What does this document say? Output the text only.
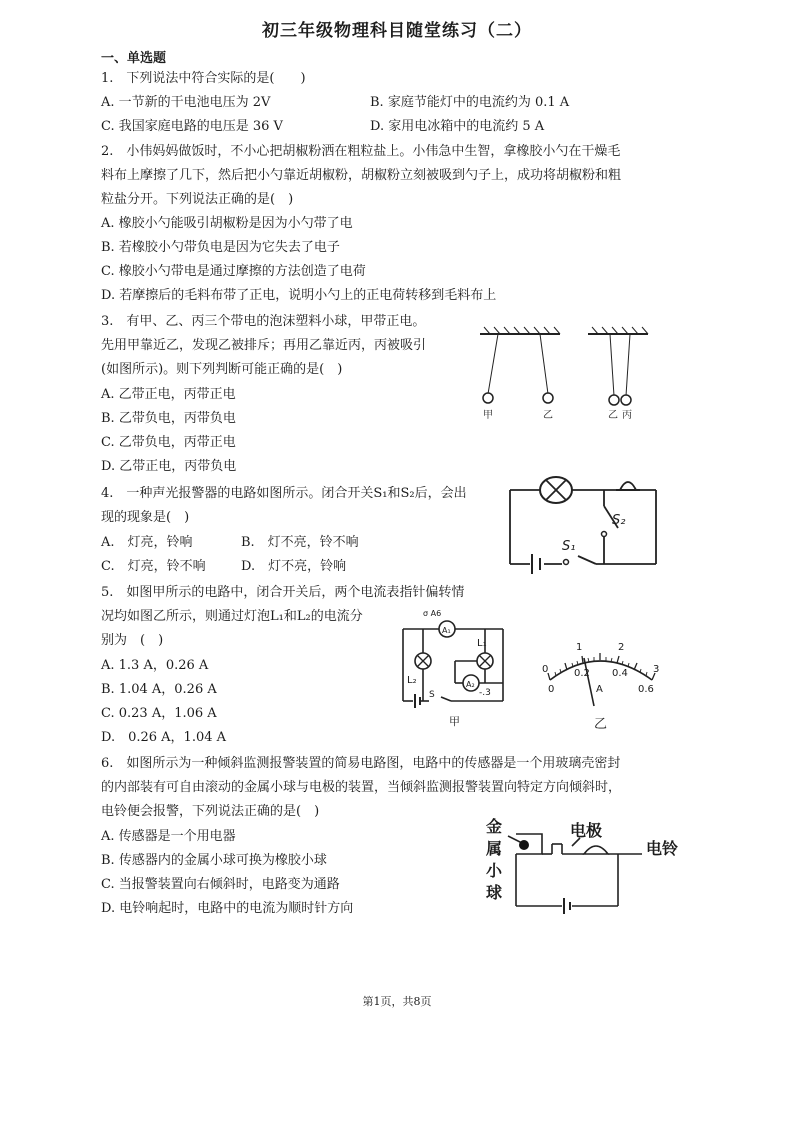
初三年级物理科目随堂练习（二）
一、单选题
1.　下列说法中符合实际的是(　　)
A. 一节新的干电池电压为 2V	B. 家庭节能灯中的电流约为 0.1 A
C. 我国家庭电路的电压是 36 V	D. 家用电冰箱中的电流约 5 A
2.　小伟妈妈做饭时，不小心把胡椒粉洒在粗粒盐上。小伟急中生智，拿橡胶小勺在干燥毛
料布上摩擦了几下，然后把小勺靠近胡椒粉，胡椒粉立刻被吸到勺子上，成功将胡椒粉和粗
粒盐分开。下列说法正确的是(　)
A. 橡胶小勺能吸引胡椒粉是因为小勺带了电
B. 若橡胶小勺带负电是因为它失去了电子
C. 橡胶小勺带电是通过摩擦的方法创造了电荷
D. 若摩擦后的毛料布带了正电，说明小勺上的正电荷转移到毛料布上
3.　有甲、乙、丙三个带电的泡沫塑料小球，甲带正电。
先用甲靠近乙，发现乙被排斥；再用乙靠近丙，丙被吸引
(如图所示)。则下列判断可能正确的是(　)
A. 乙带正电，丙带正电
B. 乙带负电，丙带负电
C. 乙带负电，丙带正电
D. 乙带正电，丙带负电
甲	乙	乙 丙
4.　一种声光报警器的电路如图所示。闭合开关S₁和S₂后，会出
现的现象是(　)
A.　灯亮，铃响	B.　灯不亮，铃不响
C.　灯亮，铃不响	D.　灯不亮，铃响
S₁
S₂
5.　如图甲所示的电路中，闭合开关后，两个电流表指针偏转情
况均如图乙所示，则通过灯泡L₁和L₂的电流分
别为　(　)
A. 1.3 A，0.26 A
B. 1.04 A，0.26 A
C. 0.23 A，1.06 A
D.　0.26 A，1.04 A
A₁
A₂
σ A6
L₁
L₂
S	-.3
甲
0
1	2
3
0
0.2 0.4
0.6
A
乙
6.　如图所示为一种倾斜监测报警装置的简易电路图，电路中的传感器是一个用玻璃壳密封
的内部装有可自由滚动的金属小球与电极的装置，当倾斜监测报警装置向特定方向倾斜时，
电铃便会报警，下列说法正确的是(　)
A. 传感器是一个用电器
B. 传感器内的金属小球可换为橡胶小球
C. 当报警装置向右倾斜时，电路变为通路
D. 电铃响起时，电路中的电流为顺时针方向
金
属
小
球
电极
电铃
第1页，共8页
